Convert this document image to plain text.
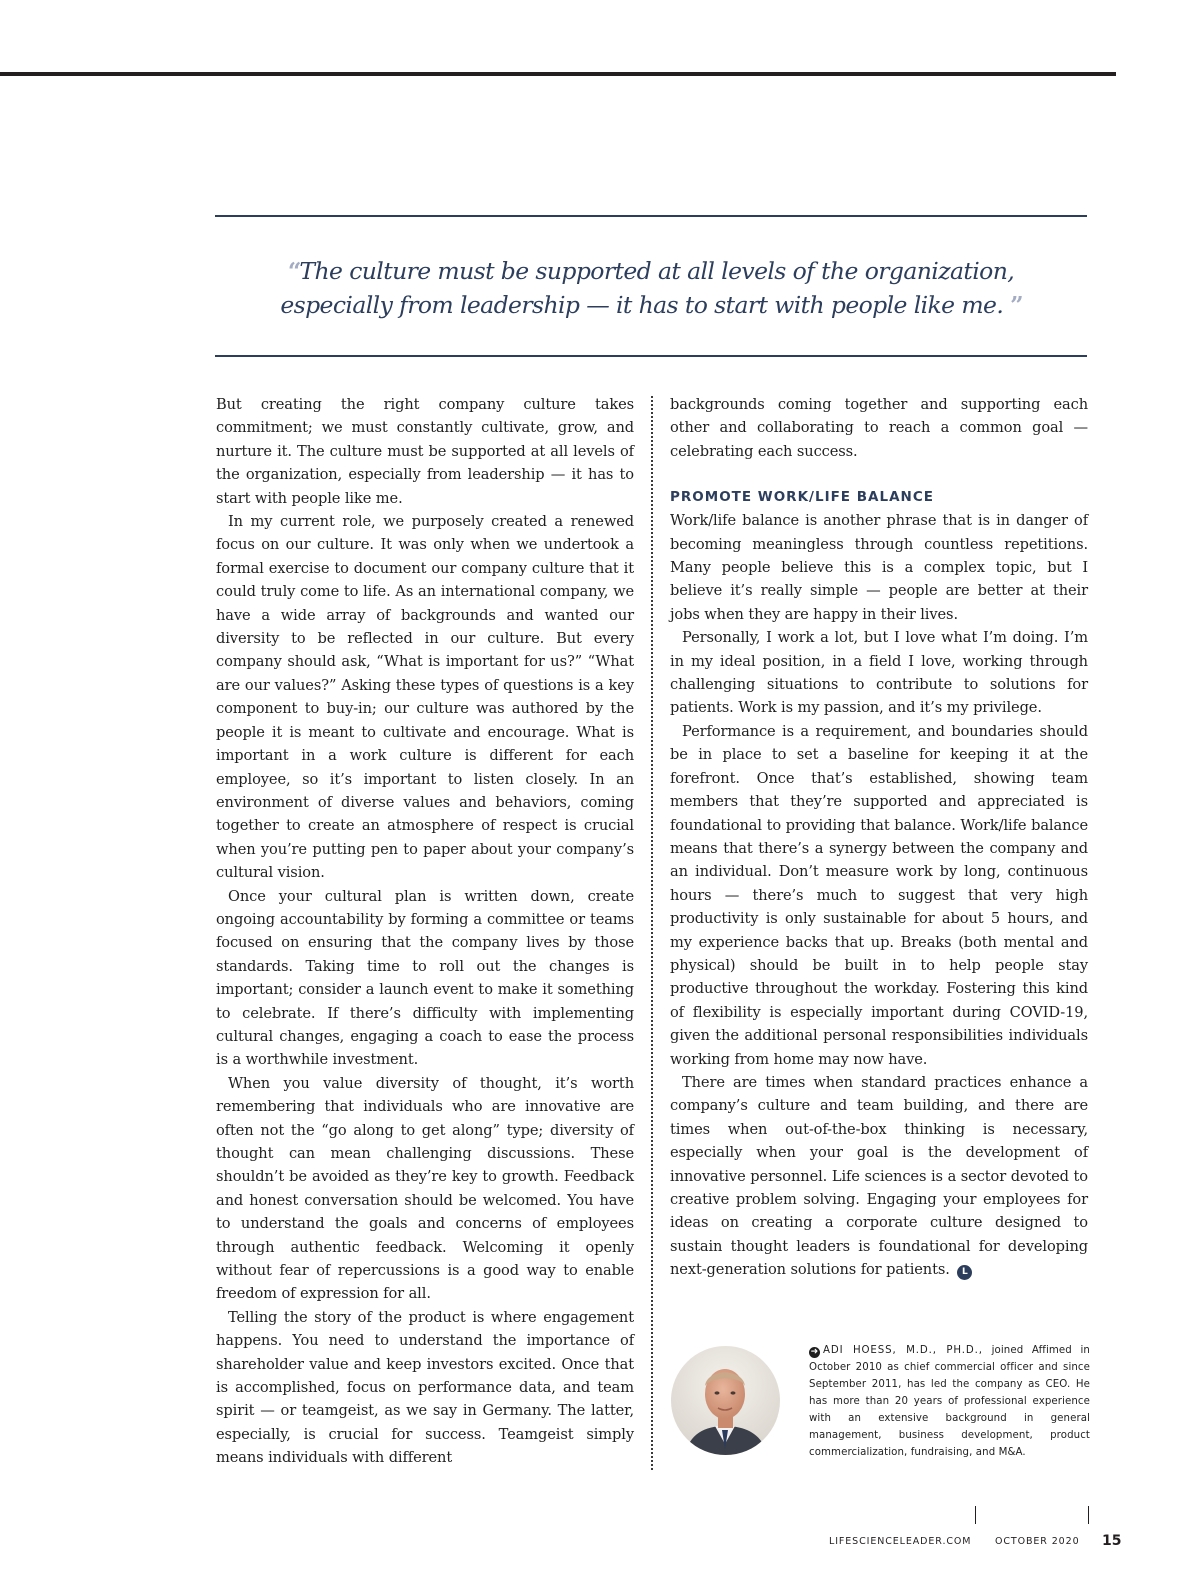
“The culture must be supported at all levels of the organization,
especially from leadership — it has to start with people like me. ”

But creating the right company culture takes commitment; we must constantly cultivate, grow, and nurture it. The culture must be supported at all levels of the organization, especially from leadership — it has to start with people like me.

In my current role, we purposely created a renewed focus on our culture. It was only when we undertook a formal exercise to document our company culture that it could truly come to life. As an international company, we have a wide array of backgrounds and wanted our diversity to be reflected in our culture. But every company should ask, “What is important for us?” “What are our values?” Asking these types of questions is a key component to buy-in; our culture was authored by the people it is meant to cultivate and encourage. What is important in a work culture is different for each employee, so it’s important to listen closely. In an environment of diverse values and behaviors, coming together to create an atmosphere of respect is crucial when you’re putting pen to paper about your company’s cultural vision.

Once your cultural plan is written down, create ongoing accountability by forming a committee or teams focused on ensuring that the company lives by those standards. Taking time to roll out the changes is important; consider a launch event to make it something to celebrate. If there’s difficulty with implementing cultural changes, engaging a coach to ease the process is a worthwhile investment.

When you value diversity of thought, it’s worth remembering that individuals who are innovative are often not the “go along to get along” type; diversity of thought can mean challenging discussions. These shouldn’t be avoided as they’re key to growth. Feedback and honest conversation should be welcomed. You have to understand the goals and concerns of employees through authentic feedback. Welcoming it openly without fear of repercussions is a good way to enable freedom of expression for all.

Telling the story of the product is where engagement happens. You need to understand the importance of shareholder value and keep investors excited. Once that is accomplished, focus on performance data, and team spirit — or teamgeist, as we say in Germany. The latter, especially, is crucial for success. Teamgeist simply means individuals with different

backgrounds coming together and supporting each other and collaborating to reach a common goal — celebrating each success.

PROMOTE WORK/LIFE BALANCE

Work/life balance is another phrase that is in danger of becoming meaningless through countless repetitions. Many people believe this is a complex topic, but I believe it’s really simple — people are better at their jobs when they are happy in their lives.

Personally, I work a lot, but I love what I’m doing. I’m in my ideal position, in a field I love, working through challenging situations to contribute to solutions for patients. Work is my passion, and it’s my privilege.

Performance is a requirement, and boundaries should be in place to set a baseline for keeping it at the forefront. Once that’s established, showing team members that they’re supported and appreciated is foundational to providing that balance. Work/life balance means that there’s a synergy between the company and an individual. Don’t measure work by long, continuous hours — there’s much to suggest that very high productivity is only sustainable for about 5 hours, and my experience backs that up. Breaks (both mental and physical) should be built in to help people stay productive throughout the workday. Fostering this kind of flexibility is especially important during COVID-19, given the additional personal responsibilities individuals working from home may now have.

There are times when standard practices enhance a company’s culture and team building, and there are times when out-of-the-box thinking is necessary, especially when your goal is the development of innovative personnel. Life sciences is a sector devoted to creative problem solving. Engaging your employees for ideas on creating a corporate culture designed to sustain thought leaders is foundational for developing next-generation solutions for patients. L

➜ ADI HOESS, M.D., PH.D., joined Affimed in October 2010 as chief commercial officer and since September 2011, has led the company as CEO. He has more than 20 years of professional experience with an extensive background in general management, business development, product commercialization, fundraising, and M&A.

LIFESCIENCELEADER.COM OCTOBER 2020 15
